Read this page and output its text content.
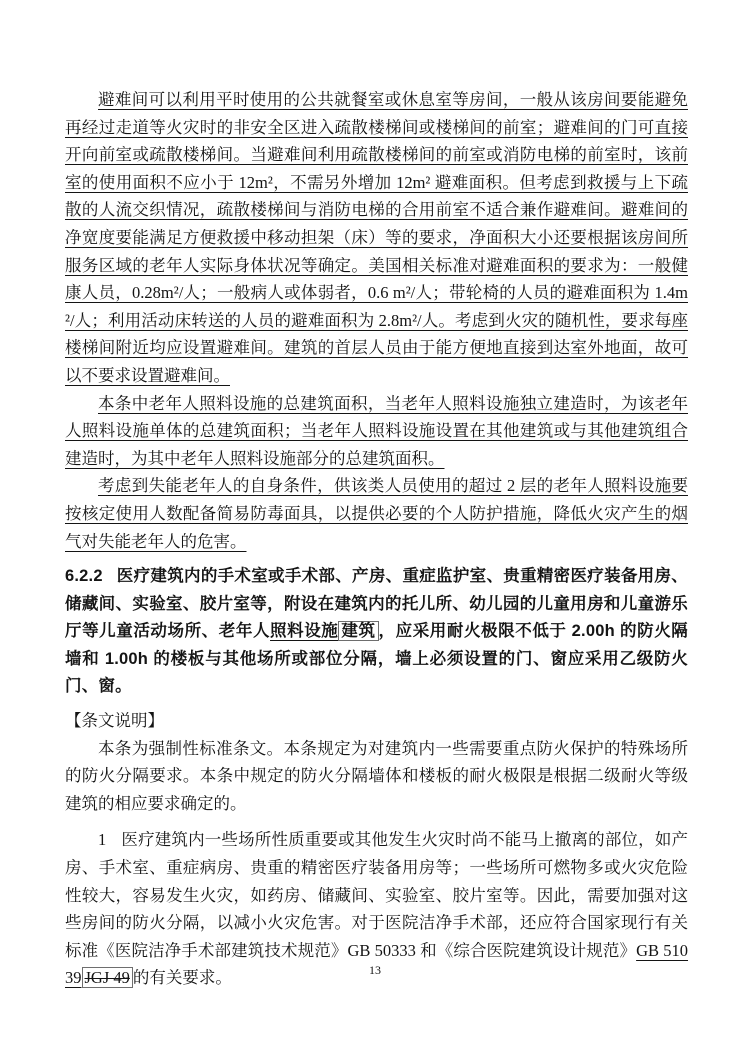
避难间可以利用平时使用的公共就餐室或休息室等房间，一般从该房间要能避免再经过走道等火灾时的非安全区进入疏散楼梯间或楼梯间的前室；避难间的门可直接开向前室或疏散楼梯间。当避难间利用疏散楼梯间的前室或消防电梯的前室时，该前室的使用面积不应小于 12m²，不需另外增加 12m² 避难面积。但考虑到救援与上下疏散的人流交织情况，疏散楼梯间与消防电梯的合用前室不适合兼作避难间。避难间的净宽度要能满足方便救援中移动担架（床）等的要求，净面积大小还要根据该房间所服务区域的老年人实际身体状况等确定。美国相关标准对避难面积的要求为：一般健康人员，0.28m²/人；一般病人或体弱者，0.6 m²/人；带轮椅的人员的避难面积为 1.4m²/人；利用活动床转送的人员的避难面积为 2.8m²/人。考虑到火灾的随机性，要求每座楼梯间附近均应设置避难间。建筑的首层人员由于能方便地直接到达室外地面，故可以不要求设置避难间。

本条中老年人照料设施的总建筑面积，当老年人照料设施独立建造时，为该老年人照料设施单体的总建筑面积；当老年人照料设施设置在其他建筑或与其他建筑组合建造时，为其中老年人照料设施部分的总建筑面积。

考虑到失能老年人的自身条件，供该类人员使用的超过 2 层的老年人照料设施要按核定使用人数配备简易防毒面具，以提供必要的个人防护措施，降低火灾产生的烟气对失能老年人的危害。

6.2.2 医疗建筑内的手术室或手术部、产房、重症监护室、贵重精密医疗装备用房、储藏间、实验室、胶片室等，附设在建筑内的托儿所、幼儿园的儿童用房和儿童游乐厅等儿童活动场所、老年人照料设施 建筑 ，应采用耐火极限不低于 2.00h 的防火隔墙和 1.00h 的楼板与其他场所或部位分隔，墙上必须设置的门、窗应采用乙级防火门、窗。

【条文说明】

本条为强制性标准条文。本条规定为对建筑内一些需要重点防火保护的特殊场所的防火分隔要求。本条中规定的防火分隔墙体和楼板的耐火极限是根据二级耐火等级建筑的相应要求确定的。

1 医疗建筑内一些场所性质重要或其他发生火灾时尚不能马上撤离的部位，如产房、手术室、重症病房、贵重的精密医疗装备用房等；一些场所可燃物多或火灾危险性较大，容易发生火灾，如药房、储藏间、实验室、胶片室等。因此，需要加强对这些房间的防火分隔，以减小火灾危害。对于医院洁净手术部，还应符合国家现行有关标准《医院洁净手术部建筑技术规范》GB 50333 和《综合医院建筑设计规范》GB 51039 JGJ 49 的有关要求。	13
